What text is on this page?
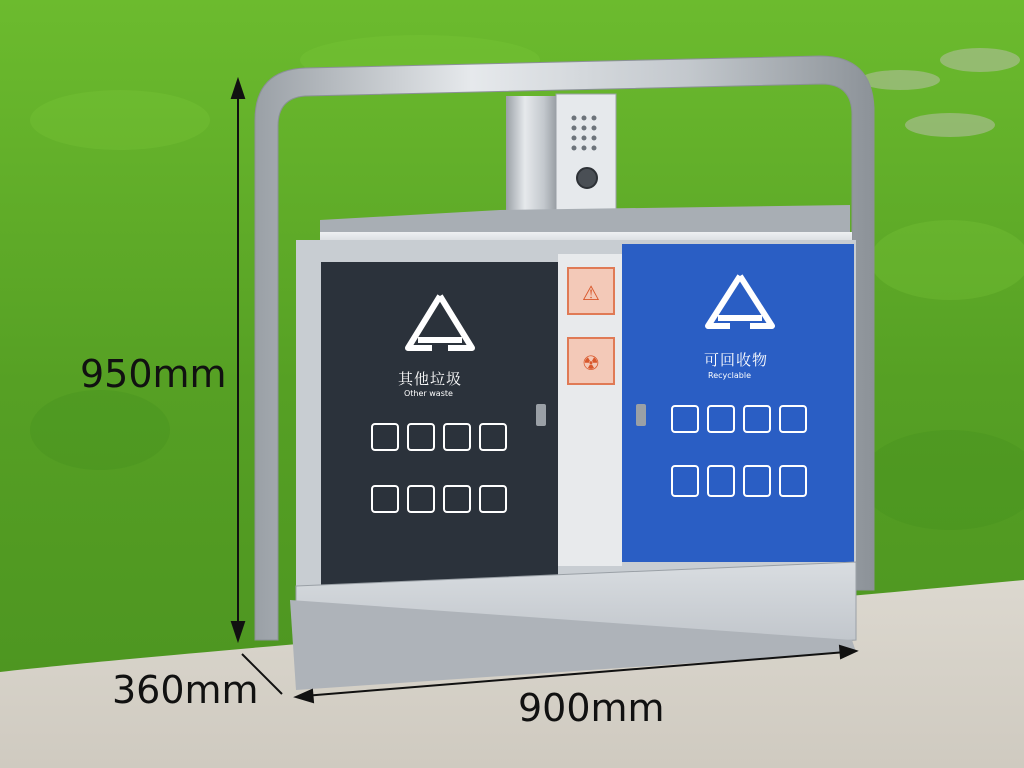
⚠
☢
其他垃圾
Other waste
可回收物
Recyclable
950mm
360mm	900mm
